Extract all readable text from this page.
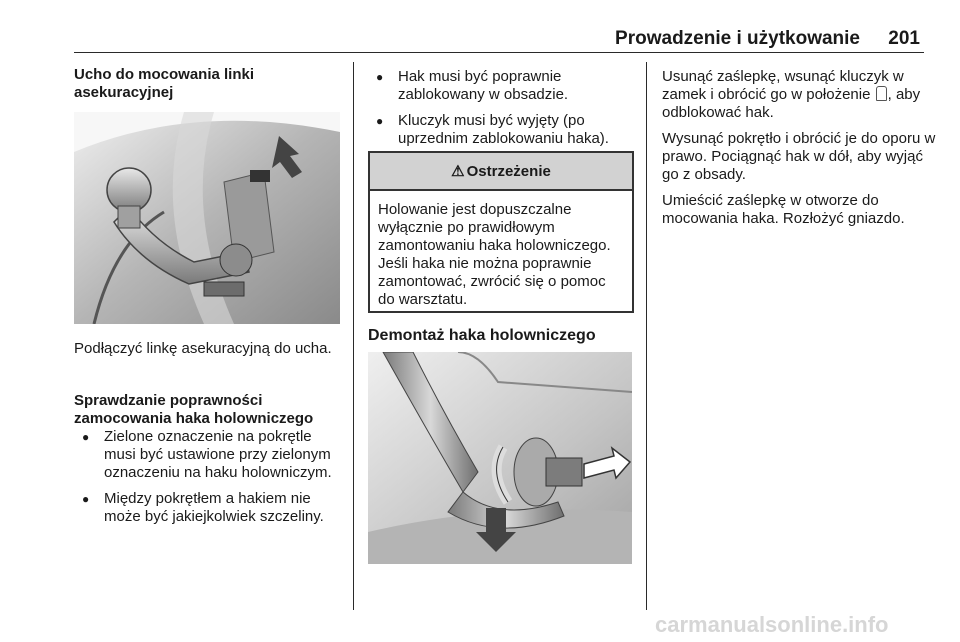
Prowadzenie i użytkowanie	201
Ucho do mocowania linki asekuracyjnej

Podłączyć linkę asekuracyjną do ucha.

Sprawdzanie poprawności zamocowania haka holowniczego
● Zielone oznaczenie na pokrętle musi być ustawione przy zielonym oznaczeniu na haku holowniczym.
● Między pokrętłem a hakiem nie może być jakiejkolwiek szczeliny.
● Hak musi być poprawnie zablokowany w obsadzie.
● Kluczyk musi być wyjęty (po uprzednim zablokowaniu haka).
⚠ Ostrzeżenie
Holowanie jest dopuszczalne wyłącznie po prawidłowym zamontowaniu haka holowniczego. Jeśli haka nie można poprawnie zamontować, zwrócić się o pomoc do warsztatu.
Demontaż haka holowniczego

Usunąć zaślepkę, wsunąć kluczyk w zamek i obrócić go w położenie , aby odblokować hak.

Wysunąć pokrętło i obrócić je do oporu w prawo. Pociągnąć hak w dół, aby wyjąć go z obsady.

Umieścić zaślepkę w otworze do mocowania haka. Rozłożyć gniazdo.

carmanualsonline.info
